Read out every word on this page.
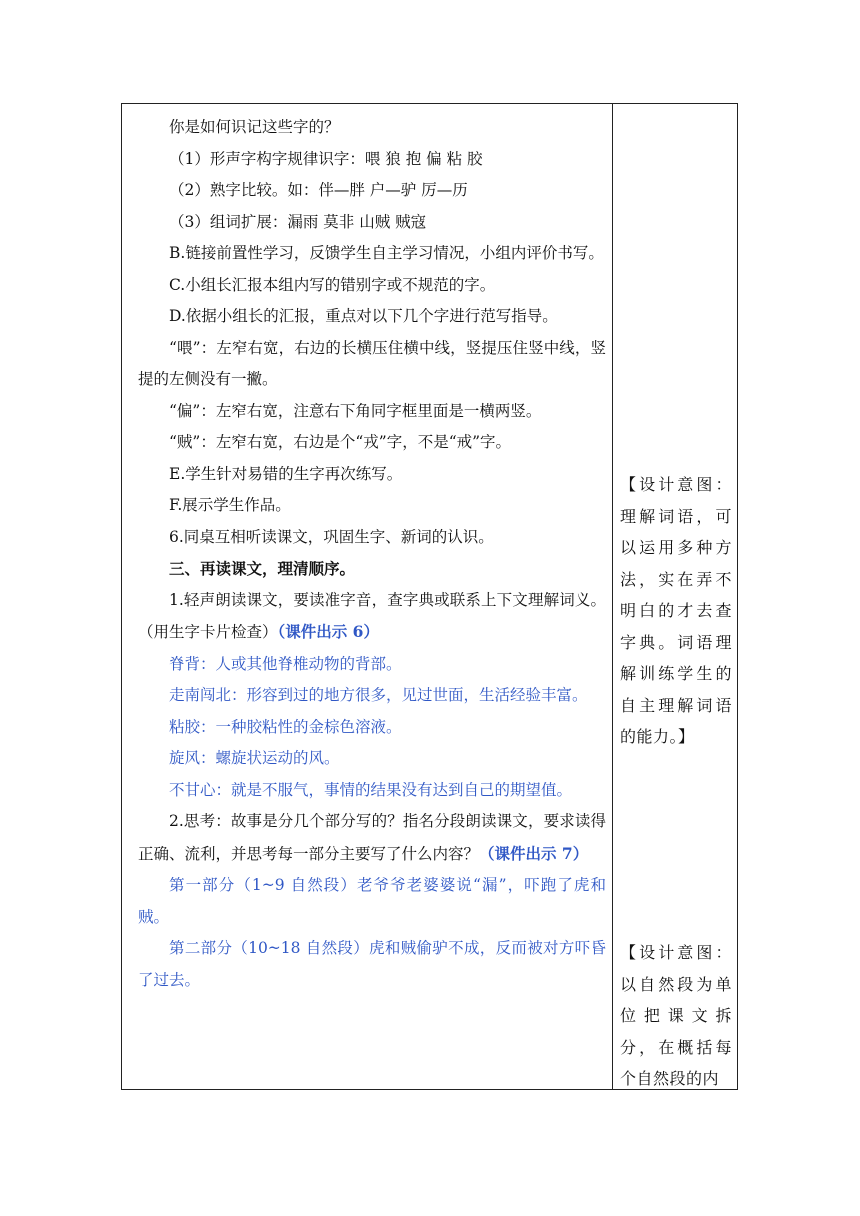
你是如何识记这些字的？

（1）形声字构字规律识字：喂 狼 抱 偏 粘 胶

（2）熟字比较。如：伴—胖 户—驴 厉—历

（3）组词扩展：漏雨 莫非 山贼 贼寇

B.链接前置性学习，反馈学生自主学习情况，小组内评价书写。

C.小组长汇报本组内写的错别字或不规范的字。

D.依据小组长的汇报，重点对以下几个字进行范写指导。

“喂”：左窄右宽，右边的长横压住横中线，竖提压住竖中线，竖提的左侧没有一撇。

“偏”：左窄右宽，注意右下角同字框里面是一横两竖。

“贼”：左窄右宽，右边是个“戎”字，不是“戒”字。

E.学生针对易错的生字再次练写。

F.展示学生作品。

6.同桌互相听读课文，巩固生字、新词的认识。

三、再读课文，理清顺序。

1.轻声朗读课文，要读准字音，查字典或联系上下文理解词义。（用生字卡片检查）（课件出示 6）

脊背：人或其他脊椎动物的背部。

走南闯北：形容到过的地方很多，见过世面，生活经验丰富。

粘胶：一种胶粘性的金棕色溶液。

旋风：螺旋状运动的风。

不甘心：就是不服气，事情的结果没有达到自己的期望值。

2.思考：故事是分几个部分写的？指名分段朗读课文，要求读得正确、流利，并思考每一部分主要写了什么内容？（课件出示 7）

第一部分（1~9 自然段）老爷爷老婆婆说“漏”，吓跑了虎和贼。

第二部分（10~18 自然段）虎和贼偷驴不成，反而被对方吓昏了过去。

【设计意图：理解词语，可以运用多种方法，实在弄不明白的才去查字典。词语理解训练学生的自主理解词语的能力。】

【设计意图：以自然段为单位把课文拆分，在概括每个自然段的内
